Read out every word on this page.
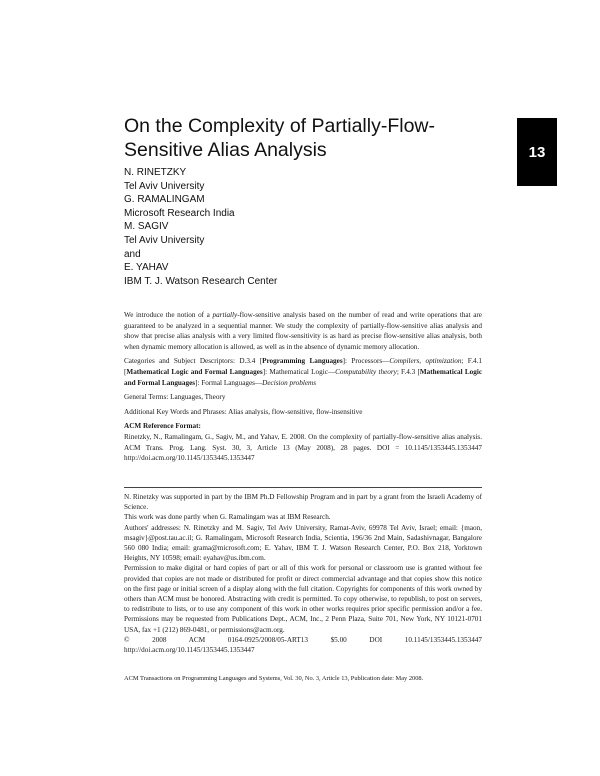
13
On the Complexity of Partially-Flow-Sensitive Alias Analysis
N. RINETZKY
Tel Aviv University
G. RAMALINGAM
Microsoft Research India
M. SAGIV
Tel Aviv University
and
E. YAHAV
IBM T. J. Watson Research Center

We introduce the notion of a partially-flow-sensitive analysis based on the number of read and write operations that are guaranteed to be analyzed in a sequential manner. We study the complexity of partially-flow-sensitive alias analysis and show that precise alias analysis with a very limited flow-sensitivity is as hard as precise flow-sensitive alias analysis, both when dynamic memory allocation is allowed, as well as in the absence of dynamic memory allocation.

Categories and Subject Descriptors: D.3.4 [Programming Languages]: Processors—Compilers, optimization; F.4.1 [Mathematical Logic and Formal Languages]: Mathematical Logic—Computability theory; F.4.3 [Mathematical Logic and Formal Languages]: Formal Languages—Decision problems

General Terms: Languages, Theory

Additional Key Words and Phrases: Alias analysis, flow-sensitive, flow-insensitive

ACM Reference Format:

Rinetzky, N., Ramalingam, G., Sagiv, M., and Yahav, E. 2008. On the complexity of partially-flow-sensitive alias analysis. ACM Trans. Prog. Lang. Syst. 30, 3, Article 13 (May 2008), 28 pages. DOI = 10.1145/1353445.1353447 http://doi.acm.org/10.1145/1353445.1353447

N. Rinetzky was supported in part by the IBM Ph.D Fellowship Program and in part by a grant from the Israeli Academy of Science.

This work was done partly when G. Ramalingam was at IBM Research.

Authors' addresses: N. Rinetzky and M. Sagiv, Tel Aviv University, Ramat-Aviv, 69978 Tel Aviv, Israel; email: {maon, msagiv}@post.tau.ac.il; G. Ramalingam, Microsoft Research India, Scientia, 196/36 2nd Main, Sadashivnagar, Bangalore 560 080 India; email: grama@microsoft.com; E. Yahav, IBM T. J. Watson Research Center, P.O. Box 218, Yorktown Heights, NY 10598; email: eyahav@us.ibm.com.

Permission to make digital or hard copies of part or all of this work for personal or classroom use is granted without fee provided that copies are not made or distributed for profit or direct commercial advantage and that copies show this notice on the first page or initial screen of a display along with the full citation. Copyrights for components of this work owned by others than ACM must be honored. Abstracting with credit is permitted. To copy otherwise, to republish, to post on servers, to redistribute to lists, or to use any component of this work in other works requires prior specific permission and/or a fee. Permissions may be requested from Publications Dept., ACM, Inc., 2 Penn Plaza, Suite 701, New York, NY 10121-0701 USA, fax +1 (212) 869-0481, or permissions@acm.org.

© 2008 ACM 0164-0925/2008/05-ART13 $5.00 DOI 10.1145/1353445.1353447 http://doi.acm.org/10.1145/1353445.1353447

ACM Transactions on Programming Languages and Systems, Vol. 30, No. 3, Article 13, Publication date: May 2008.
